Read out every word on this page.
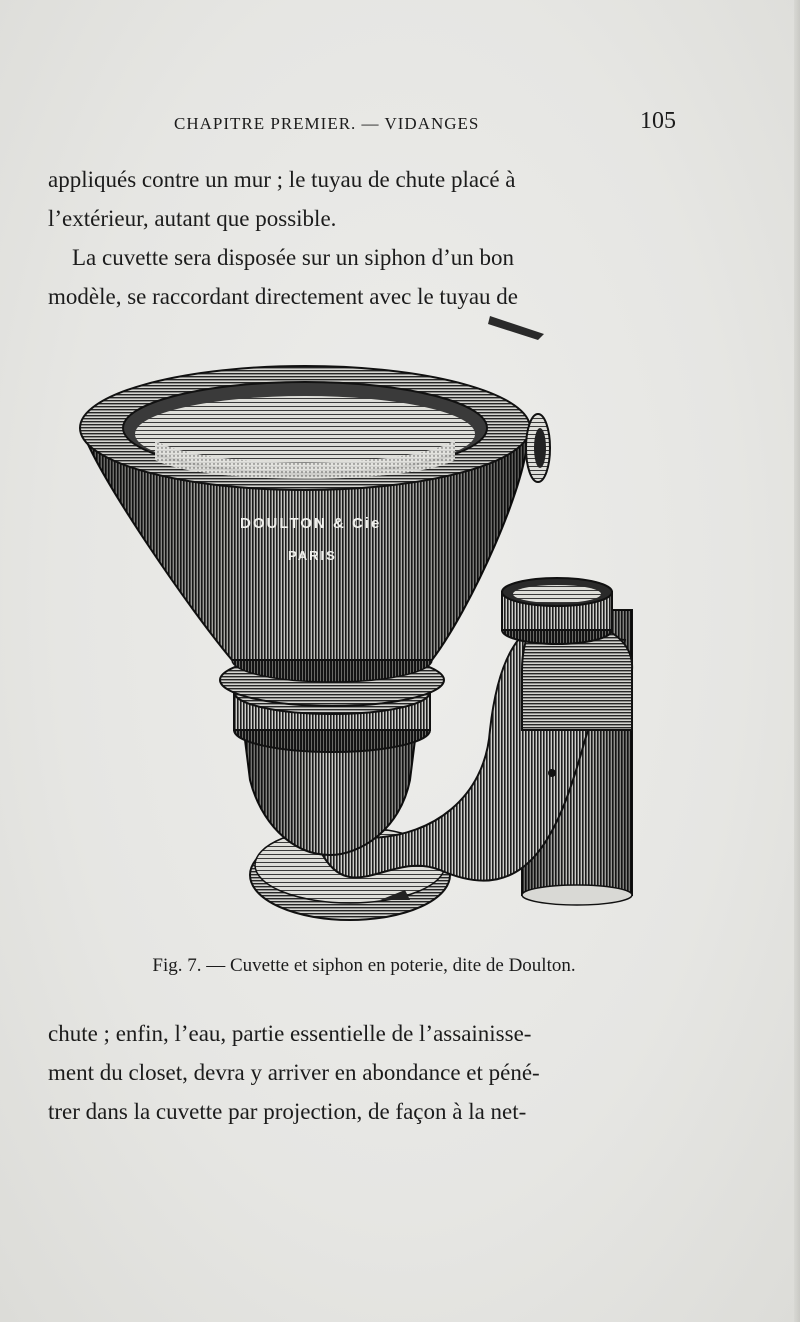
CHAPITRE PREMIER. — VIDANGES	105

appliqués contre un mur ; le tuyau de chute placé à
l’extérieur, autant que possible.

La cuvette sera disposée sur un siphon d’un bon
modèle, se raccordant directement avec le tuyau de

DOULTON & Cie
PARIS
Fig. 7. — Cuvette et siphon en poterie, dite de Doulton.

chute ; enfin, l’eau, partie essentielle de l’assainisse-
ment du closet, devra y arriver en abondance et péné-
trer dans la cuvette par projection, de façon à la net-
